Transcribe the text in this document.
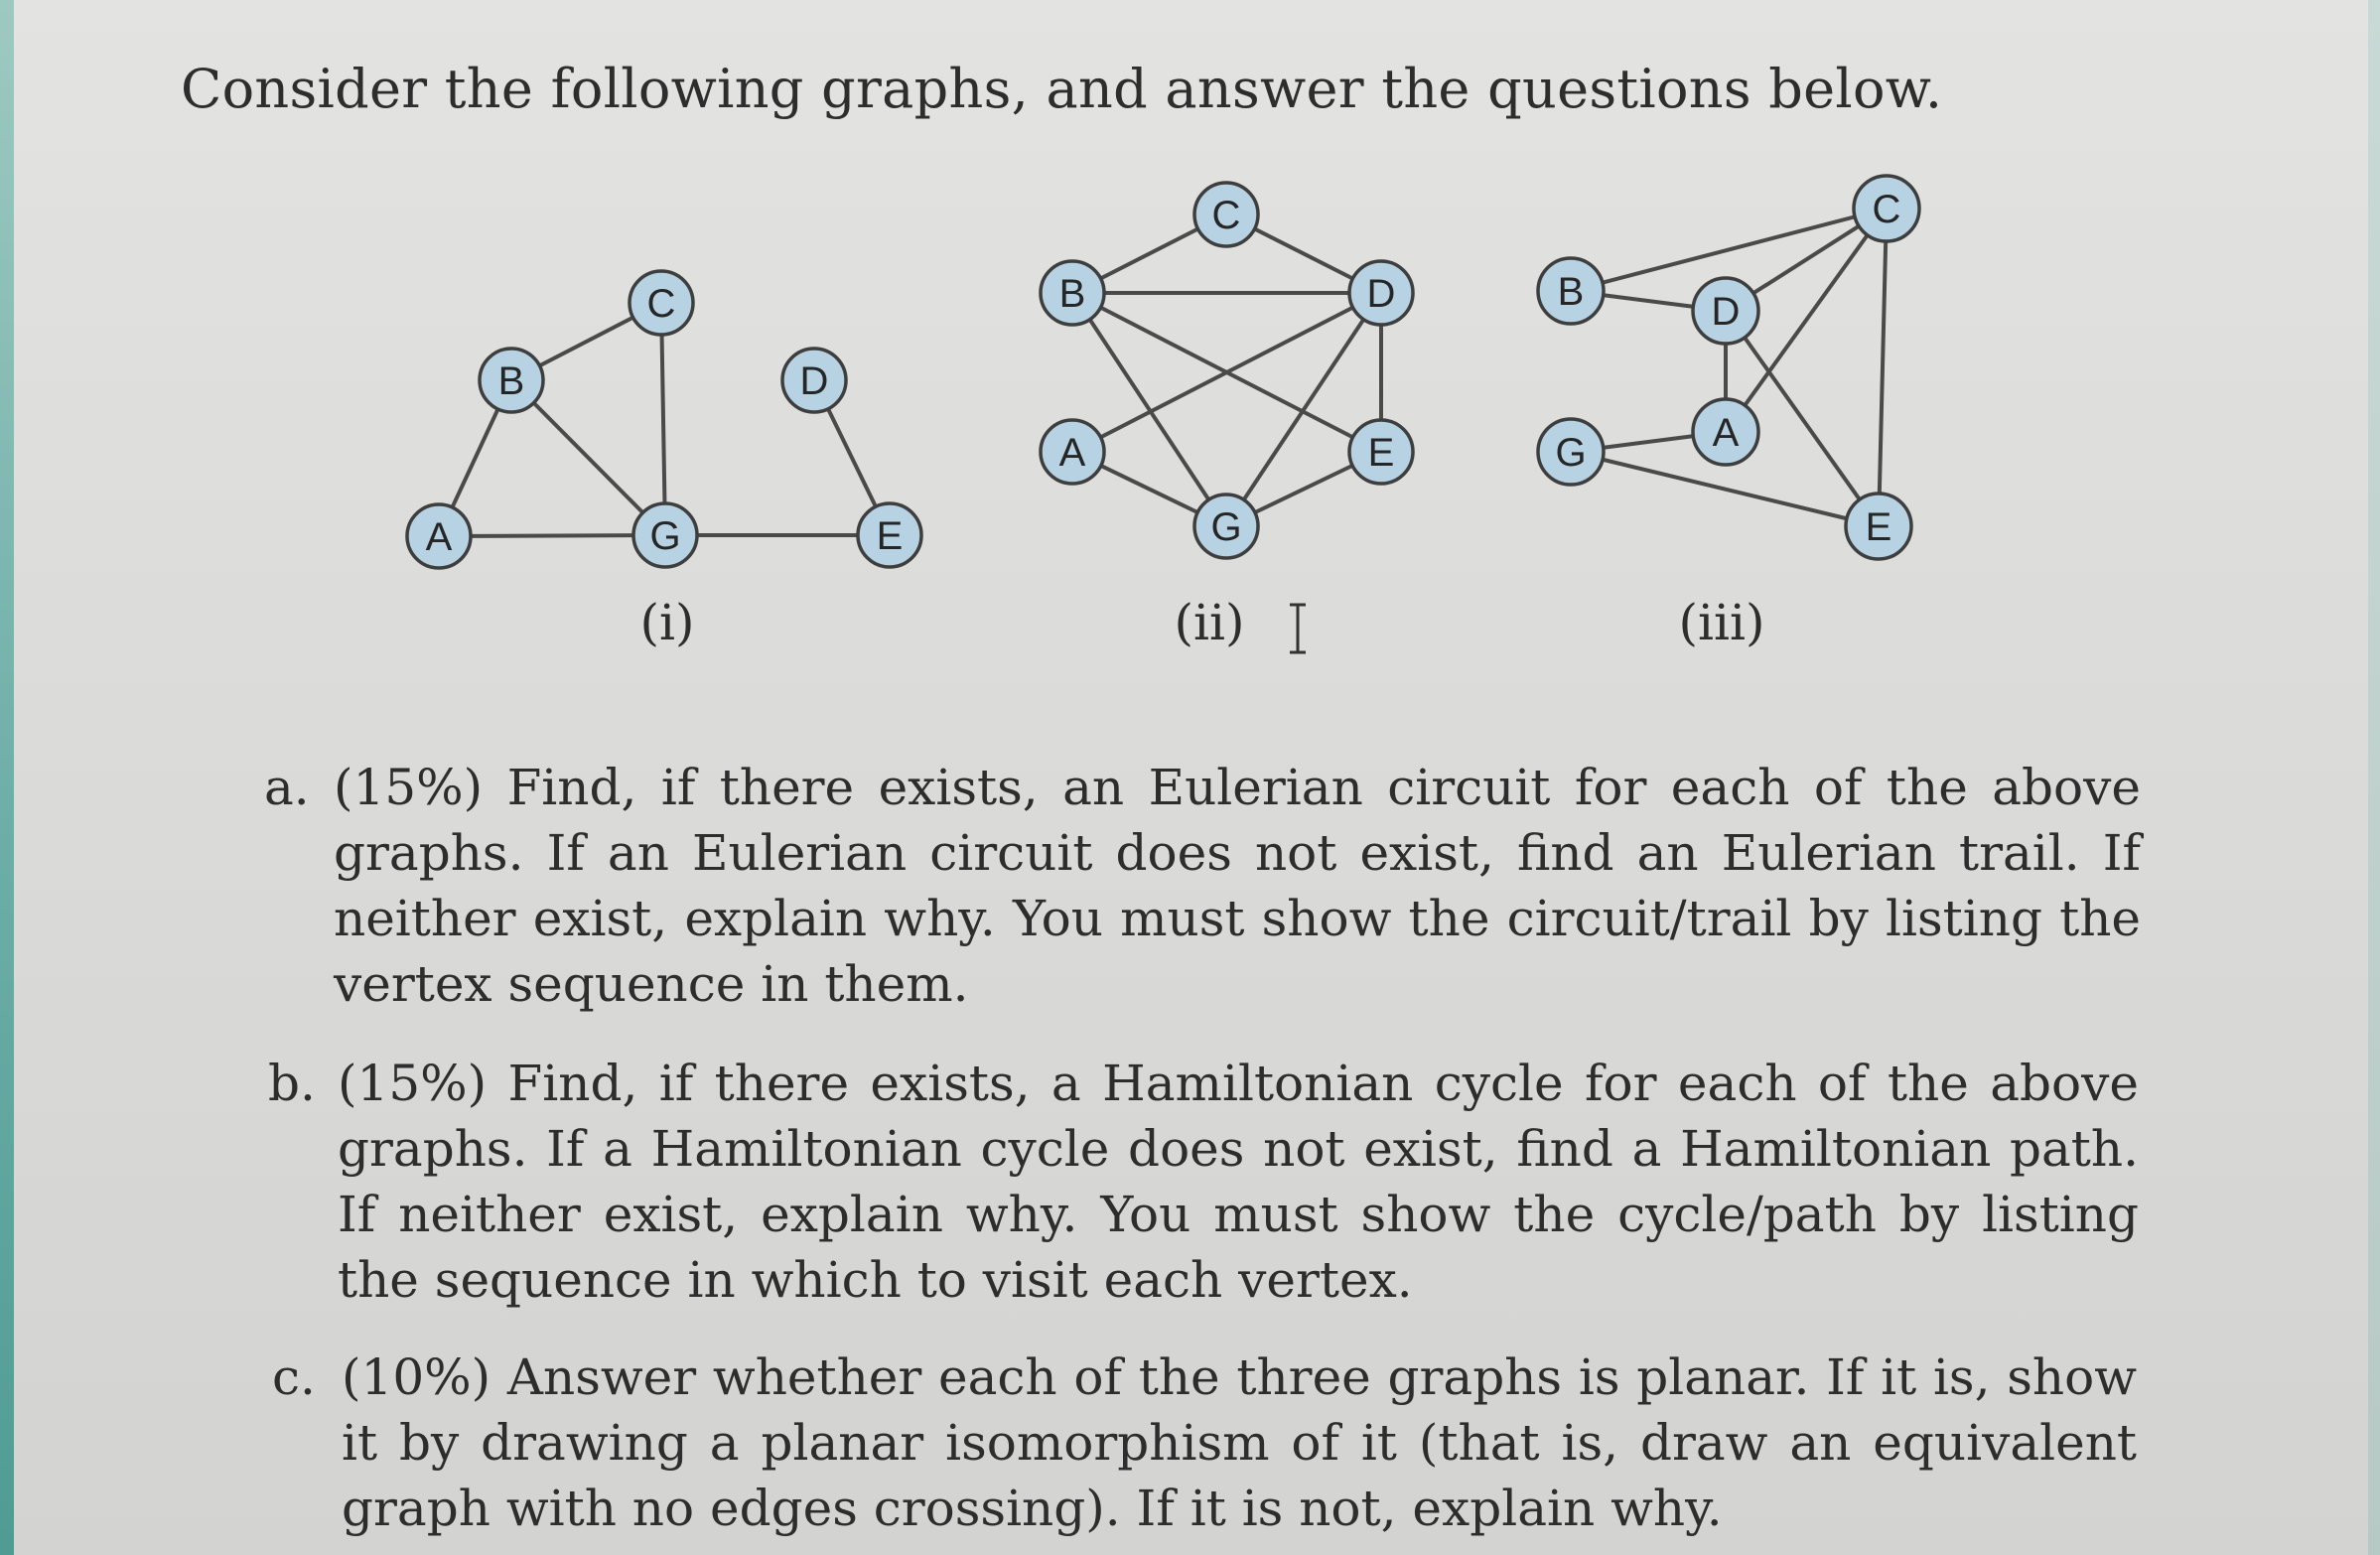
Consider the following graphs, and answer the questions below.
A
B
C
G
D
E
(i)
C
B	D
A	E
G
(ii)
C
B	D
G	A
E
(iii)
a. (15%) Find, if there exists, an Eulerian circuit for each of the above graphs. If an Eulerian circuit does not exist, find an Eulerian trail. If neither exist, explain why. You must show the circuit/trail by listing the vertex sequence in them.
b. (15%) Find, if there exists, a Hamiltonian cycle for each of the above graphs. If a Hamiltonian cycle does not exist, find a Hamiltonian path. If neither exist, explain why. You must show the cycle/path by listing the sequence in which to visit each vertex.
c. (10%) Answer whether each of the three graphs is planar. If it is, show it by drawing a planar isomorphism of it (that is, draw an equivalent graph with no edges crossing). If it is not, explain why.
